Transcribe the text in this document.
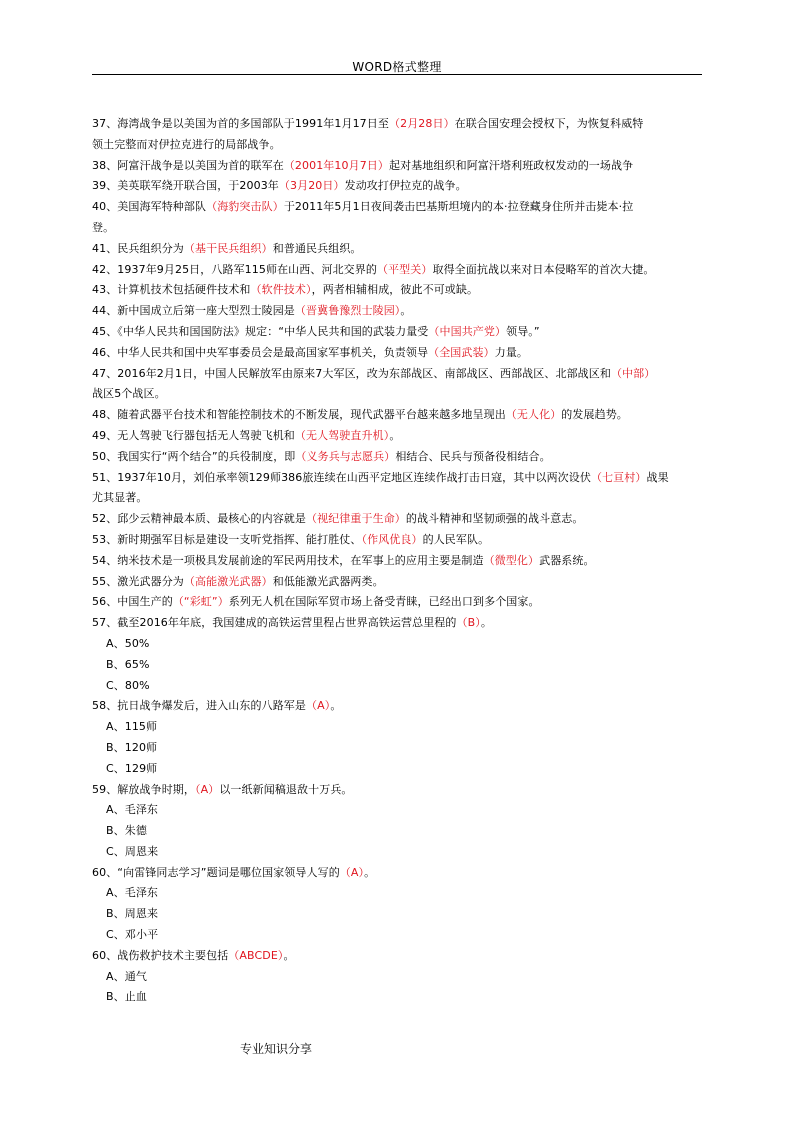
WORD格式整理
37、海湾战争是以美国为首的多国部队于1991年1月17日至（2月28日）在联合国安理会授权下，为恢复科威特
领土完整而对伊拉克进行的局部战争。
38、阿富汗战争是以美国为首的联军在（2001年10月7日）起对基地组织和阿富汗塔利班政权发动的一场战争
39、美英联军绕开联合国，于2003年（3月20日）发动攻打伊拉克的战争。
40、美国海军特种部队（海豹突击队）于2011年5月1日夜间袭击巴基斯坦境内的本·拉登藏身住所并击毙本·拉
登。
41、民兵组织分为（基干民兵组织）和普通民兵组织。
42、1937年9月25日，八路军115师在山西、河北交界的（平型关）取得全面抗战以来对日本侵略军的首次大捷。
43、计算机技术包括硬件技术和（软件技术），两者相辅相成，彼此不可或缺。
44、新中国成立后第一座大型烈士陵园是（晋冀鲁豫烈士陵园）。
45、《中华人民共和国国防法》规定：“中华人民共和国的武装力量受（中国共产党）领导。”
46、中华人民共和国中央军事委员会是最高国家军事机关，负责领导（全国武装）力量。
47、2016年2月1日，中国人民解放军由原来7大军区，改为东部战区、南部战区、西部战区、北部战区和（中部）
战区5个战区。
48、随着武器平台技术和智能控制技术的不断发展，现代武器平台越来越多地呈现出（无人化）的发展趋势。
49、无人驾驶飞行器包括无人驾驶飞机和（无人驾驶直升机）。
50、我国实行“两个结合”的兵役制度，即（义务兵与志愿兵）相结合、民兵与预备役相结合。
51、1937年10月，刘伯承率领129师386旅连续在山西平定地区连续作战打击日寇，其中以两次设伏（七亘村）战果
尤其显著。
52、邱少云精神最本质、最核心的内容就是（视纪律重于生命）的战斗精神和坚韧顽强的战斗意志。
53、新时期强军目标是建设一支听党指挥、能打胜仗、（作风优良）的人民军队。
54、纳米技术是一项极具发展前途的军民两用技术，在军事上的应用主要是制造（微型化）武器系统。
55、激光武器分为（高能激光武器）和低能激光武器两类。
56、中国生产的（“彩虹”）系列无人机在国际军贸市场上备受青睐，已经出口到多个国家。
57、截至2016年年底，我国建成的高铁运营里程占世界高铁运营总里程的（B）。
A、50%
B、65%
C、80%
58、抗日战争爆发后，进入山东的八路军是（A）。
A、115师
B、120师
C、129师
59、解放战争时期，（A）以一纸新闻稿退敌十万兵。
A、毛泽东
B、朱德
C、周恩来
60、“向雷锋同志学习”题词是哪位国家领导人写的（A）。
A、毛泽东
B、周恩来
C、邓小平
60、战伤救护技术主要包括（ABCDE）。
A、通气
B、止血
专业知识分享
